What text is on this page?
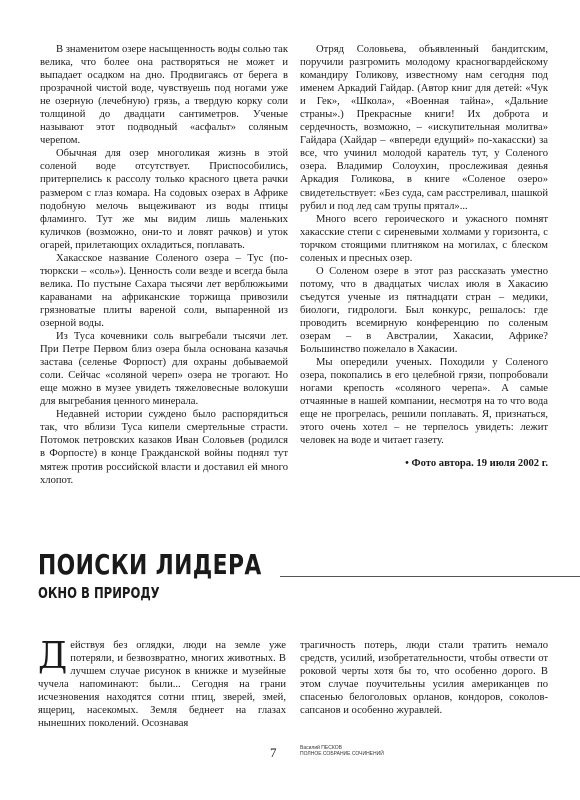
В знаменитом озере насыщенность воды солью так велика, что более она растворяться не может и выпадает осадком на дно. Продвигаясь от берега в прозрачной чистой воде, чувствуешь под ногами уже не озерную (лечебную) грязь, а твердую корку соли толщиной до двадцати сантиметров. Ученые называют этот подводный «асфальт» соляным черепом.

Обычная для озер многоликая жизнь в этой соленой воде отсутствует. Приспособились, притерпелись к рассолу только красного цвета рачки размером с глаз комара. На содовых озерах в Африке подобную мелочь выцеживают из воды птицы фламинго. Тут же мы видим лишь маленьких куличков (возможно, они-то и ловят рачков) и уток огарей, прилетающих охладиться, поплавать.

Хакасское название Соленого озера – Тус (по-тюркски – «соль»). Ценность соли везде и всегда была велика. По пустыне Сахара тысячи лет верблюжьими караванами на африканские торжища привозили грязноватые плиты вареной соли, выпаренной из озерной воды.

Из Туса кочевники соль выгребали тысячи лет. При Петре Первом близ озера была основана казачья застава (селенье Форпост) для охраны добываемой соли. Сейчас «соляной череп» озера не трогают. Но еще можно в музее увидеть тяжеловесные волокуши для выгребания ценного минерала.

Недавней истории суждено было распорядиться так, что вблизи Туса кипели смертельные страсти. Потомок петровских казаков Иван Соловьев (родился в Форпосте) в конце Гражданской войны поднял тут мятеж против российской власти и доставил ей много хлопот.

Отряд Соловьева, объявленный бандитским, поручили разгромить молодому красногвардейскому командиру Голикову, известному нам сегодня под именем Аркадий Гайдар. (Автор книг для детей: «Чук и Гек», «Школа», «Военная тайна», «Дальние страны».) Прекрасные книги! Их доброта и сердечность, возможно, – «искупительная молитва» Гайдара (Хайдар – «впереди едущий» по-хакасски) за все, что учинил молодой каратель тут, у Соленого озера. Владимир Солоухин, прослеживая деянья Аркадия Голикова, в книге «Соленое озеро» свидетельствует: «Без суда, сам расстреливал, шашкой рубил и под лед сам трупы прятал»...

Много всего героического и ужасного помнят хакасские степи с сиреневыми холмами у горизонта, с торчком стоящими плитняком на могилах, с блеском соленых и пресных озер.

О Соленом озере в этот раз рассказать уместно потому, что в двадцатых числах июля в Хакасию съедутся ученые из пятнадцати стран – медики, биологи, гидрологи. Был конкурс, решалось: где проводить всемирную конференцию по соленым озерам – в Австралии, Хакасии, Африке? Большинство пожелало в Хакасии.

Мы опередили ученых. Походили у Соленого озера, покопались в его целебной грязи, попробовали ногами крепость «соляного черепа». А самые отчаянные в нашей компании, несмотря на то что вода еще не прогрелась, решили поплавать. Я, признаться, этого очень хотел – не терпелось увидеть: лежит человек на воде и читает газету.

• Фото автора. 19 июля 2002 г.

ПОИСКИ ЛИДЕРА
ОКНО В ПРИРОДУ

Действуя без оглядки, люди на земле уже потеряли, и безвозвратно, многих животных. В лучшем случае рисунок в книжке и музейные чучела напоминают: были... Сегодня на грани исчезновения находятся сотни птиц, зверей, змей, ящериц, насекомых. Земля беднеет на глазах нынешних поколений. Осознавая

трагичность потерь, люди стали тратить немало средств, усилий, изобретательности, чтобы отвести от роковой черты хотя бы то, что особенно дорого. В этом случае поучительны усилия американцев по спасенью белоголовых орланов, кондоров, соколов-сапсанов и особенно журавлей.

7	Василий ПЕСКОВ
ПОЛНОЕ СОБРАНИЕ СОЧИНЕНИЙ
